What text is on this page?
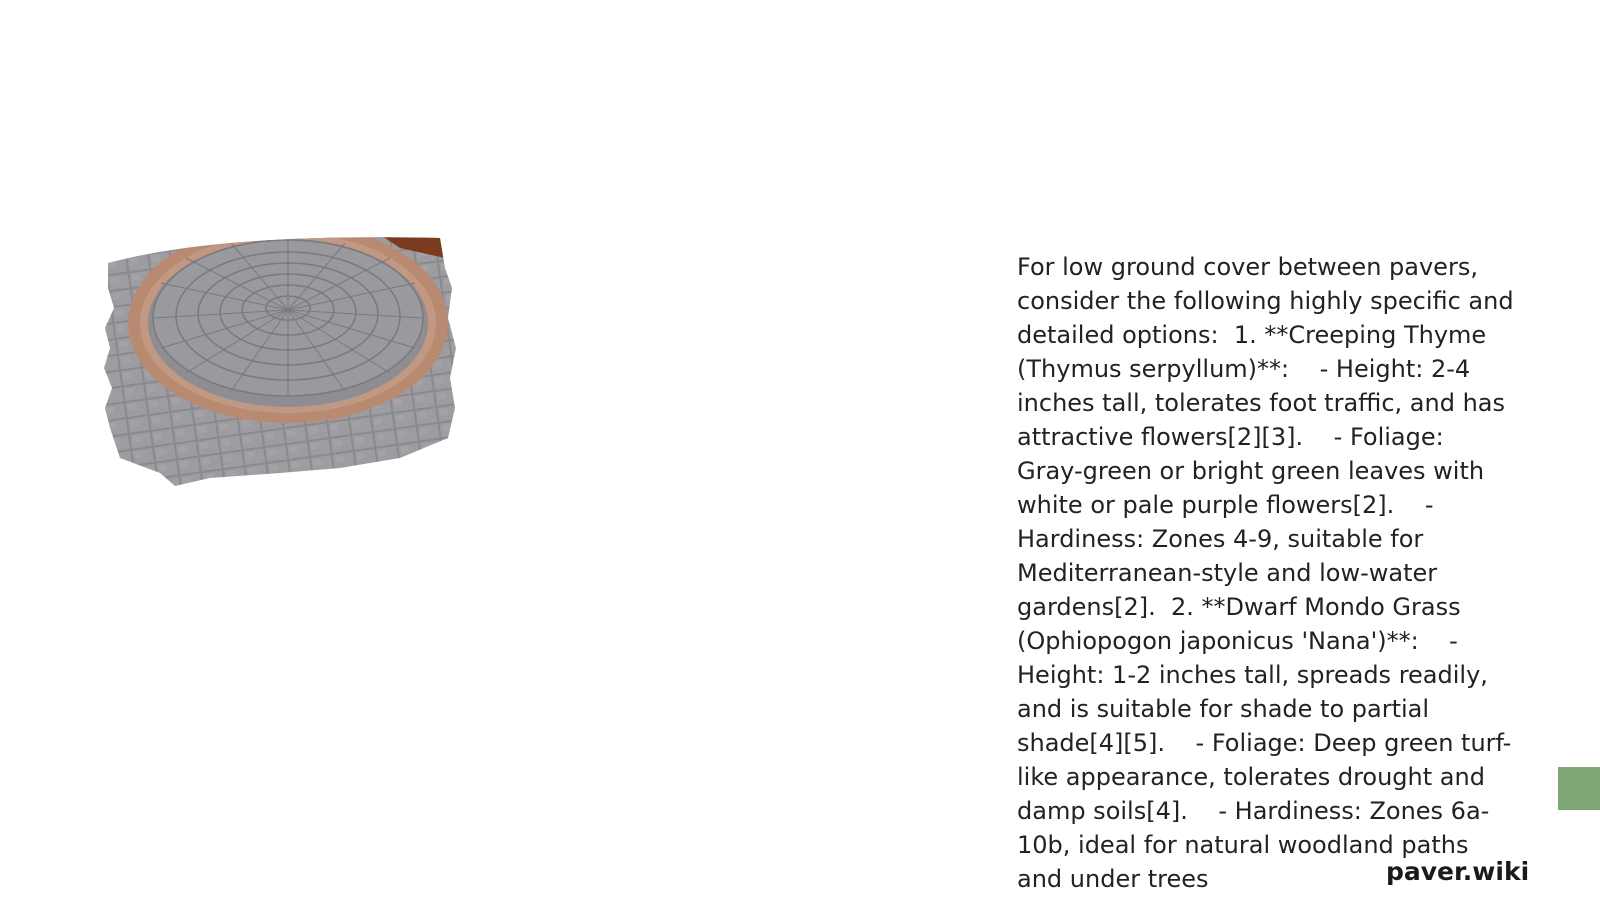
For low ground cover between pavers, consider the following highly specific and detailed options:  1. **Creeping Thyme (Thymus serpyllum)**:    - Height: 2-4 inches tall, tolerates foot traffic, and has attractive flowers[2][3].    - Foliage: Gray-green or bright green leaves with white or pale purple flowers[2].    - Hardiness: Zones 4-9, suitable for Mediterranean-style and low-water gardens[2].  2. **Dwarf Mondo Grass (Ophiopogon japonicus 'Nana')**:    - Height: 1-2 inches tall, spreads readily, and is suitable for shade to partial shade[4][5].    - Foliage: Deep green turf-like appearance, tolerates drought and damp soils[4].    - Hardiness: Zones 6a-10b, ideal for natural woodland paths and under trees	paver.wiki
